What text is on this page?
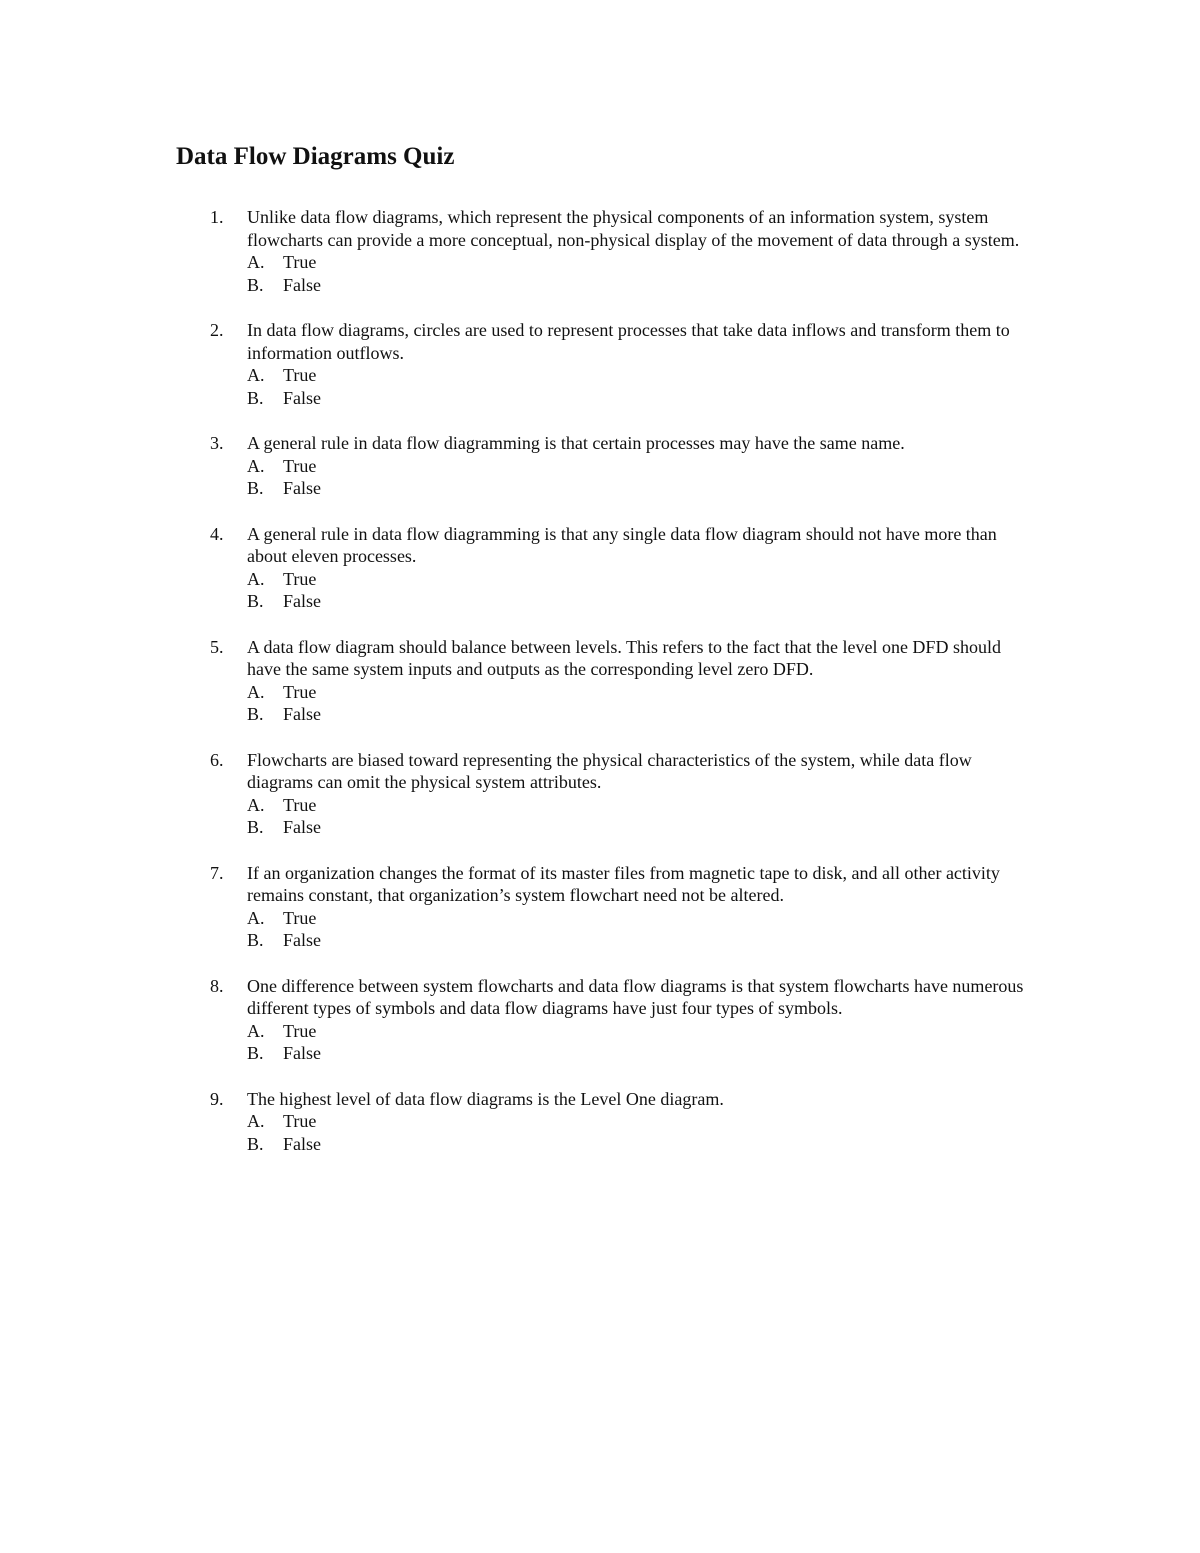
Data Flow Diagrams Quiz
1. Unlike data flow diagrams, which represent the physical components of an information system, system flowcharts can provide a more conceptual, non-physical display of the movement of data through a system.
A. True
B. False
2. In data flow diagrams, circles are used to represent processes that take data inflows and transform them to information outflows.
A. True
B. False
3. A general rule in data flow diagramming is that certain processes may have the same name.
A. True
B. False
4. A general rule in data flow diagramming is that any single data flow diagram should not have more than about eleven processes.
A. True
B. False
5. A data flow diagram should balance between levels. This refers to the fact that the level one DFD should have the same system inputs and outputs as the corresponding level zero DFD.
A. True
B. False
6. Flowcharts are biased toward representing the physical characteristics of the system, while data flow diagrams can omit the physical system attributes.
A. True
B. False
7. If an organization changes the format of its master files from magnetic tape to disk, and all other activity remains constant, that organization’s system flowchart need not be altered.
A. True
B. False
8. One difference between system flowcharts and data flow diagrams is that system flowcharts have numerous different types of symbols and data flow diagrams have just four types of symbols.
A. True
B. False
9. The highest level of data flow diagrams is the Level One diagram.
A. True
B. False
